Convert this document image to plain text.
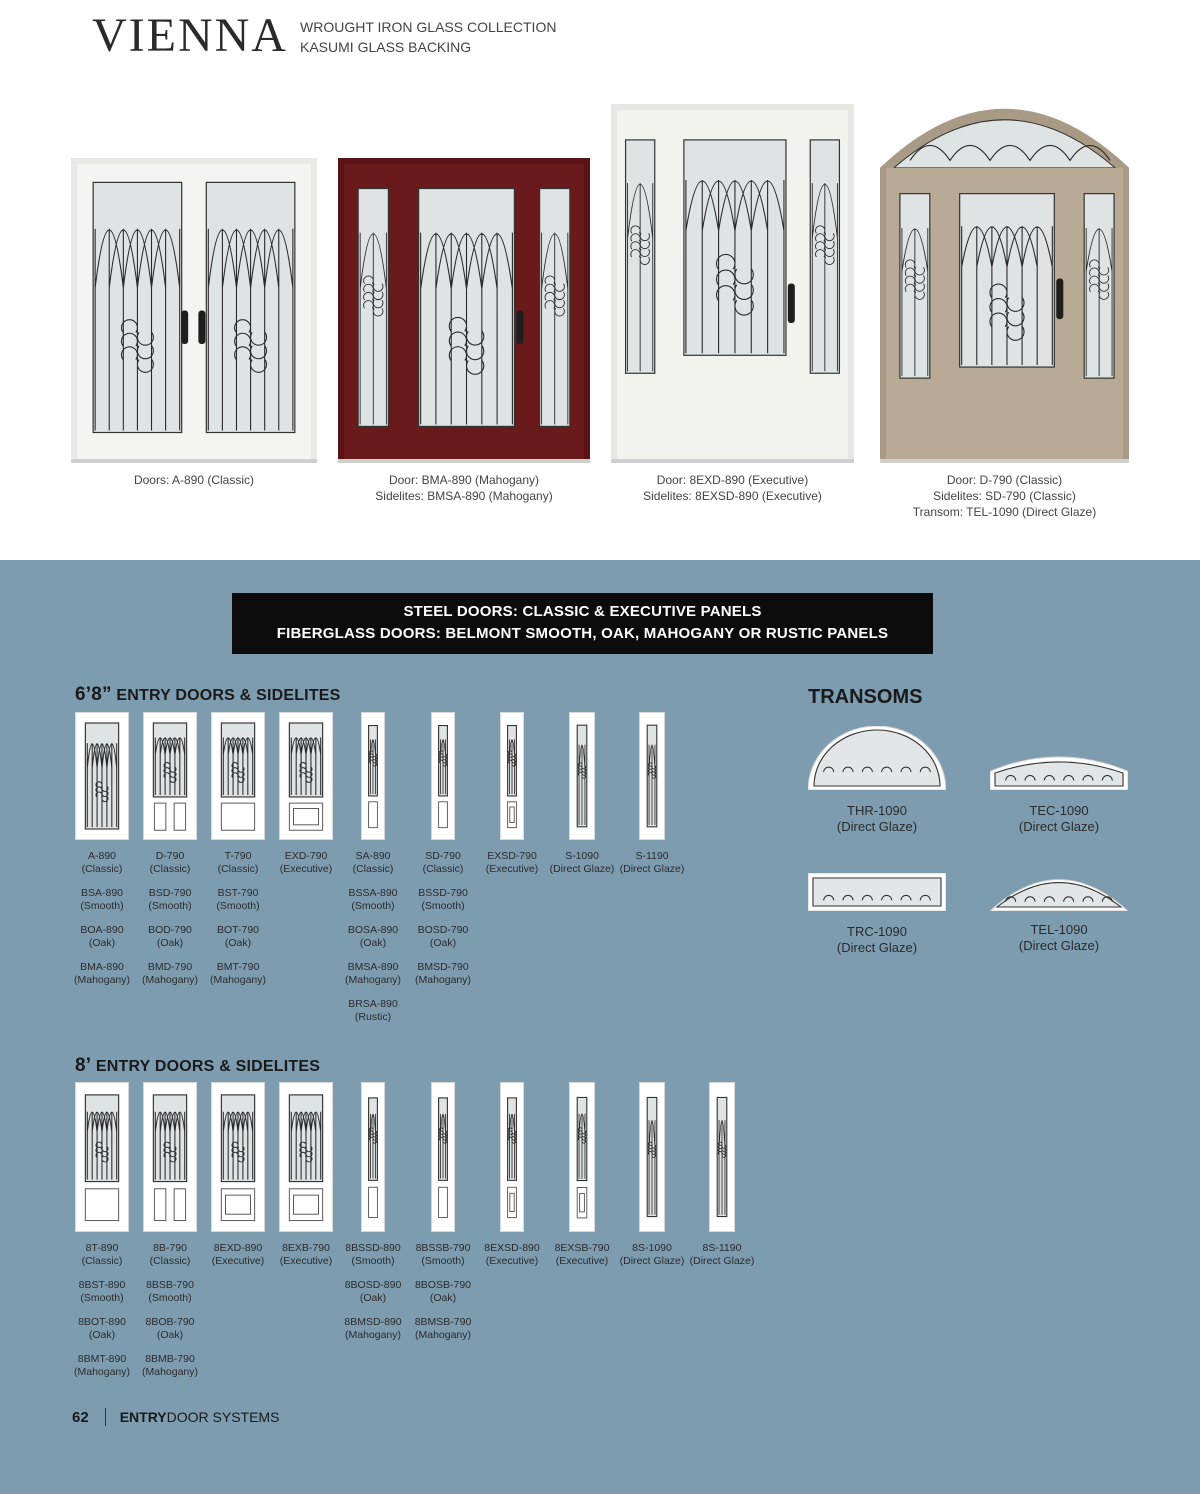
VIENNA WROUGHT IRON GLASS COLLECTION
KASUMI GLASS BACKING
Doors: A-890 (Classic)	Door: BMA-890 (Mahogany)
Sidelites: BMSA-890 (Mahogany)
Door: 8EXD-890 (Executive)
Sidelites: 8EXSD-890 (Executive)
Door: D-790 (Classic)
Sidelites: SD-790 (Classic)
Transom: TEL-1090 (Direct Glaze)
STEEL DOORS: CLASSIC & EXECUTIVE PANELS
FIBERGLASS DOORS: BELMONT SMOOTH, OAK, MAHOGANY OR RUSTIC PANELS
6’8” ENTRY DOORS & SIDELITES
8’ ENTRY DOORS & SIDELITES
A-890
(Classic)
BSA-890
(Smooth)
BOA-890
(Oak)
BMA-890
(Mahogany)
D-790
(Classic)
BSD-790
(Smooth)
BOD-790
(Oak)
BMD-790
(Mahogany)
T-790
(Classic)
BST-790
(Smooth)
BOT-790
(Oak)
BMT-790
(Mahogany)
EXD-790
(Executive)
SA-890
(Classic)
BSSA-890
(Smooth)
BOSA-890
(Oak)
BMSA-890
(Mahogany)
BRSA-890
(Rustic)
SD-790
(Classic)
BSSD-790
(Smooth)
BOSD-790
(Oak)
BMSD-790
(Mahogany)
EXSD-790
(Executive)
S-1090
(Direct Glaze)
S-1190
(Direct Glaze)
8T-890
(Classic)
8BST-890
(Smooth)
8BOT-890
(Oak)
8BMT-890
(Mahogany)
8B-790
(Classic)
8BSB-790
(Smooth)
8BOB-790
(Oak)
8BMB-790
(Mahogany)
8EXD-890
(Executive)
8EXB-790
(Executive)
8BSSD-890
(Smooth)
8BOSD-890
(Oak)
8BMSD-890
(Mahogany)
8BSSB-790
(Smooth)
8BOSB-790
(Oak)
8BMSB-790
(Mahogany)
8EXSD-890
(Executive)
8EXSB-790
(Executive)
8S-1090
(Direct Glaze)
8S-1190
(Direct Glaze)
TRANSOMS
THR-1090
(Direct Glaze)
TEC-1090
(Direct Glaze)
TRC-1090
(Direct Glaze)
TEL-1090
(Direct Glaze)
62 ENTRY DOOR SYSTEMS
